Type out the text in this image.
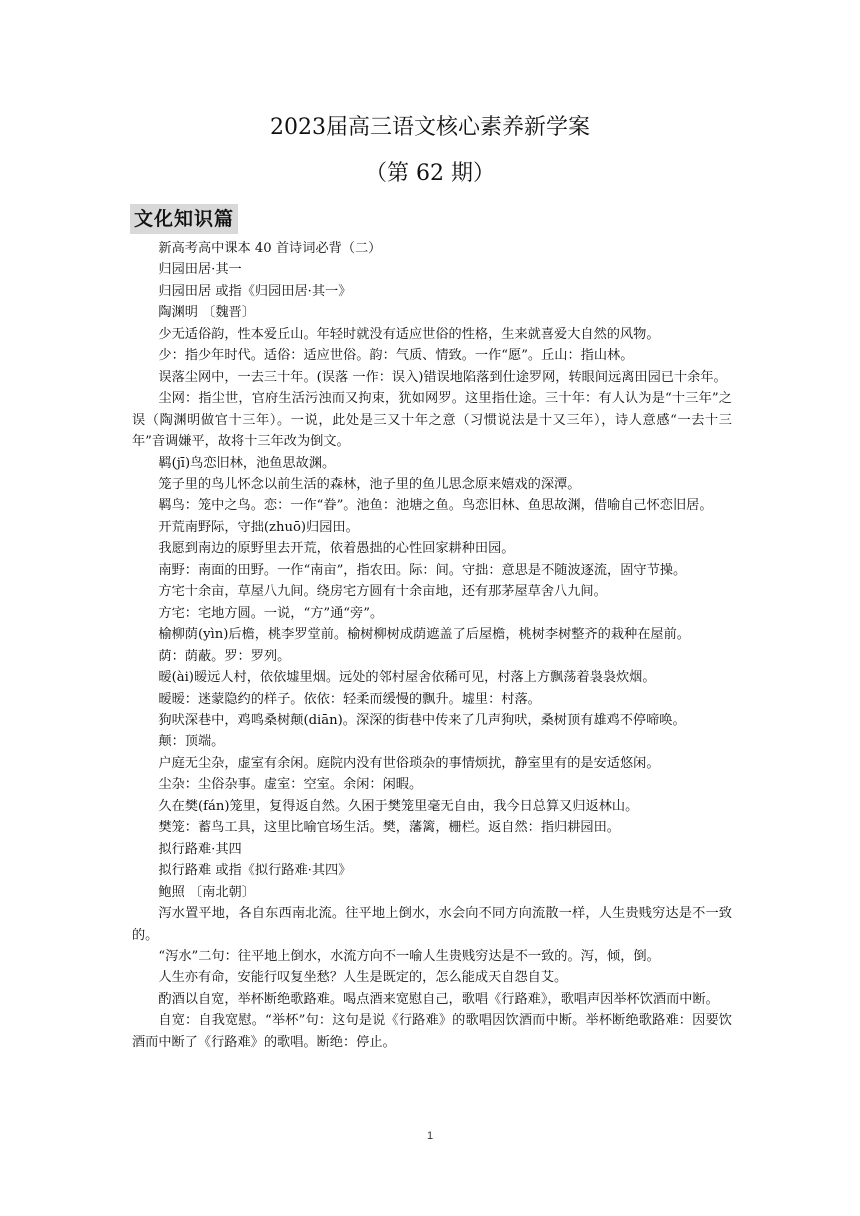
2023届高三语文核心素养新学案
（第 62 期）
文化知识篇

新高考高中课本 40 首诗词必背（二）

归园田居·其一

归园田居 或指《归园田居·其一》

陶渊明 〔魏晋〕

少无适俗韵，性本爱丘山。年轻时就没有适应世俗的性格，生来就喜爱大自然的风物。

少：指少年时代。适俗：适应世俗。韵：气质、情致。一作“愿”。丘山：指山林。

误落尘网中，一去三十年。(误落 一作：误入)错误地陷落到仕途罗网，转眼间远离田园已十余年。

尘网：指尘世，官府生活污浊而又拘束，犹如网罗。这里指仕途。三十年：有人认为是“十三年”之误（陶渊明做官十三年）。一说，此处是三又十年之意（习惯说法是十又三年），诗人意感“一去十三年”音调嫌平，故将十三年改为倒文。

羁(jī)鸟恋旧林，池鱼思故渊。

笼子里的鸟儿怀念以前生活的森林，池子里的鱼儿思念原来嬉戏的深潭。

羁鸟：笼中之鸟。恋：一作“眷”。池鱼：池塘之鱼。鸟恋旧林、鱼思故渊，借喻自己怀恋旧居。

开荒南野际，守拙(zhuō)归园田。

我愿到南边的原野里去开荒，依着愚拙的心性回家耕种田园。

南野：南面的田野。一作“南亩”，指农田。际：间。守拙：意思是不随波逐流，固守节操。

方宅十余亩，草屋八九间。绕房宅方圆有十余亩地，还有那茅屋草舍八九间。

方宅：宅地方圆。一说，“方”通“旁”。

榆柳荫(yìn)后檐，桃李罗堂前。榆树柳树成荫遮盖了后屋檐，桃树李树整齐的栽种在屋前。

荫：荫蔽。罗：罗列。

暧(ài)暧远人村，依依墟里烟。远处的邻村屋舍依稀可见，村落上方飘荡着袅袅炊烟。

暧暧：迷蒙隐约的样子。依依：轻柔而缓慢的飘升。墟里：村落。

狗吠深巷中，鸡鸣桑树颠(diān)。深深的街巷中传来了几声狗吠，桑树顶有雄鸡不停啼唤。

颠：顶端。

户庭无尘杂，虚室有余闲。庭院内没有世俗琐杂的事情烦扰，静室里有的是安适悠闲。

尘杂：尘俗杂事。虚室：空室。余闲：闲暇。

久在樊(fán)笼里，复得返自然。久困于樊笼里毫无自由，我今日总算又归返林山。

樊笼：蓄鸟工具，这里比喻官场生活。樊，藩篱，栅栏。返自然：指归耕园田。

拟行路难·其四

拟行路难 或指《拟行路难·其四》

鲍照 〔南北朝〕

泻水置平地，各自东西南北流。往平地上倒水，水会向不同方向流散一样，人生贵贱穷达是不一致的。

“泻水”二句：往平地上倒水，水流方向不一喻人生贵贱穷达是不一致的。泻，倾，倒。

人生亦有命，安能行叹复坐愁？人生是既定的，怎么能成天自怨自艾。

酌酒以自宽，举杯断绝歌路难。喝点酒来宽慰自己，歌唱《行路难》，歌唱声因举杯饮酒而中断。

自宽：自我宽慰。“举杯”句：这句是说《行路难》的歌唱因饮酒而中断。举杯断绝歌路难：因要饮酒而中断了《行路难》的歌唱。断绝：停止。

1
